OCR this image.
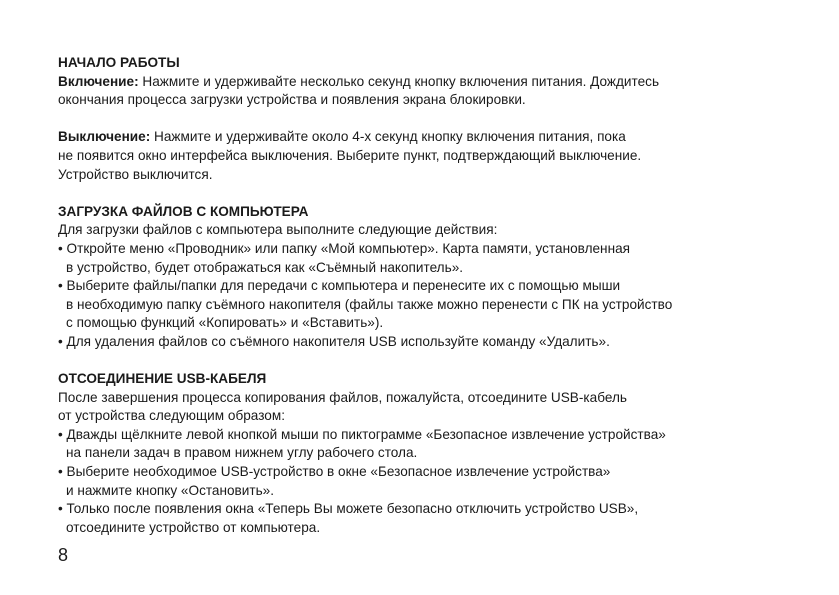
НАЧАЛО РАБОТЫ
Включение: Нажмите и удерживайте несколько секунд кнопку включения питания. Дождитесь
окончания процесса загрузки устройства и появления экрана блокировки.
Выключение: Нажмите и удерживайте около 4-х секунд кнопку включения питания, пока
не появится окно интерфейса выключения. Выберите пункт, подтверждающий выключение.
Устройство выключится.
ЗАГРУЗКА ФАЙЛОВ С КОМПЬЮТЕРА
Для загрузки файлов с компьютера выполните следующие действия:
• Откройте меню «Проводник» или папку «Мой компьютер». Карта памяти, установленная
в устройство, будет отображаться как «Съёмный накопитель».
• Выберите файлы/папки для передачи с компьютера и перенесите их с помощью мыши
в необходимую папку съёмного накопителя (файлы также можно перенести с ПК на устройство
с помощью функций «Копировать» и «Вставить»).
• Для удаления файлов со съёмного накопителя USB используйте команду «Удалить».
ОТСОЕДИНЕНИЕ USB-КАБЕЛЯ
После завершения процесса копирования файлов, пожалуйста, отсоедините USB-кабель
от устройства следующим образом:
• Дважды щёлкните левой кнопкой мыши по пиктограмме «Безопасное извлечение устройства»
на панели задач в правом нижнем углу рабочего стола.
• Выберите необходимое USB-устройство в окне «Безопасное извлечение устройства»
и нажмите кнопку «Остановить».
• Только после появления окна «Теперь Вы можете безопасно отключить устройство USB»,
отсоедините устройство от компьютера.
8
